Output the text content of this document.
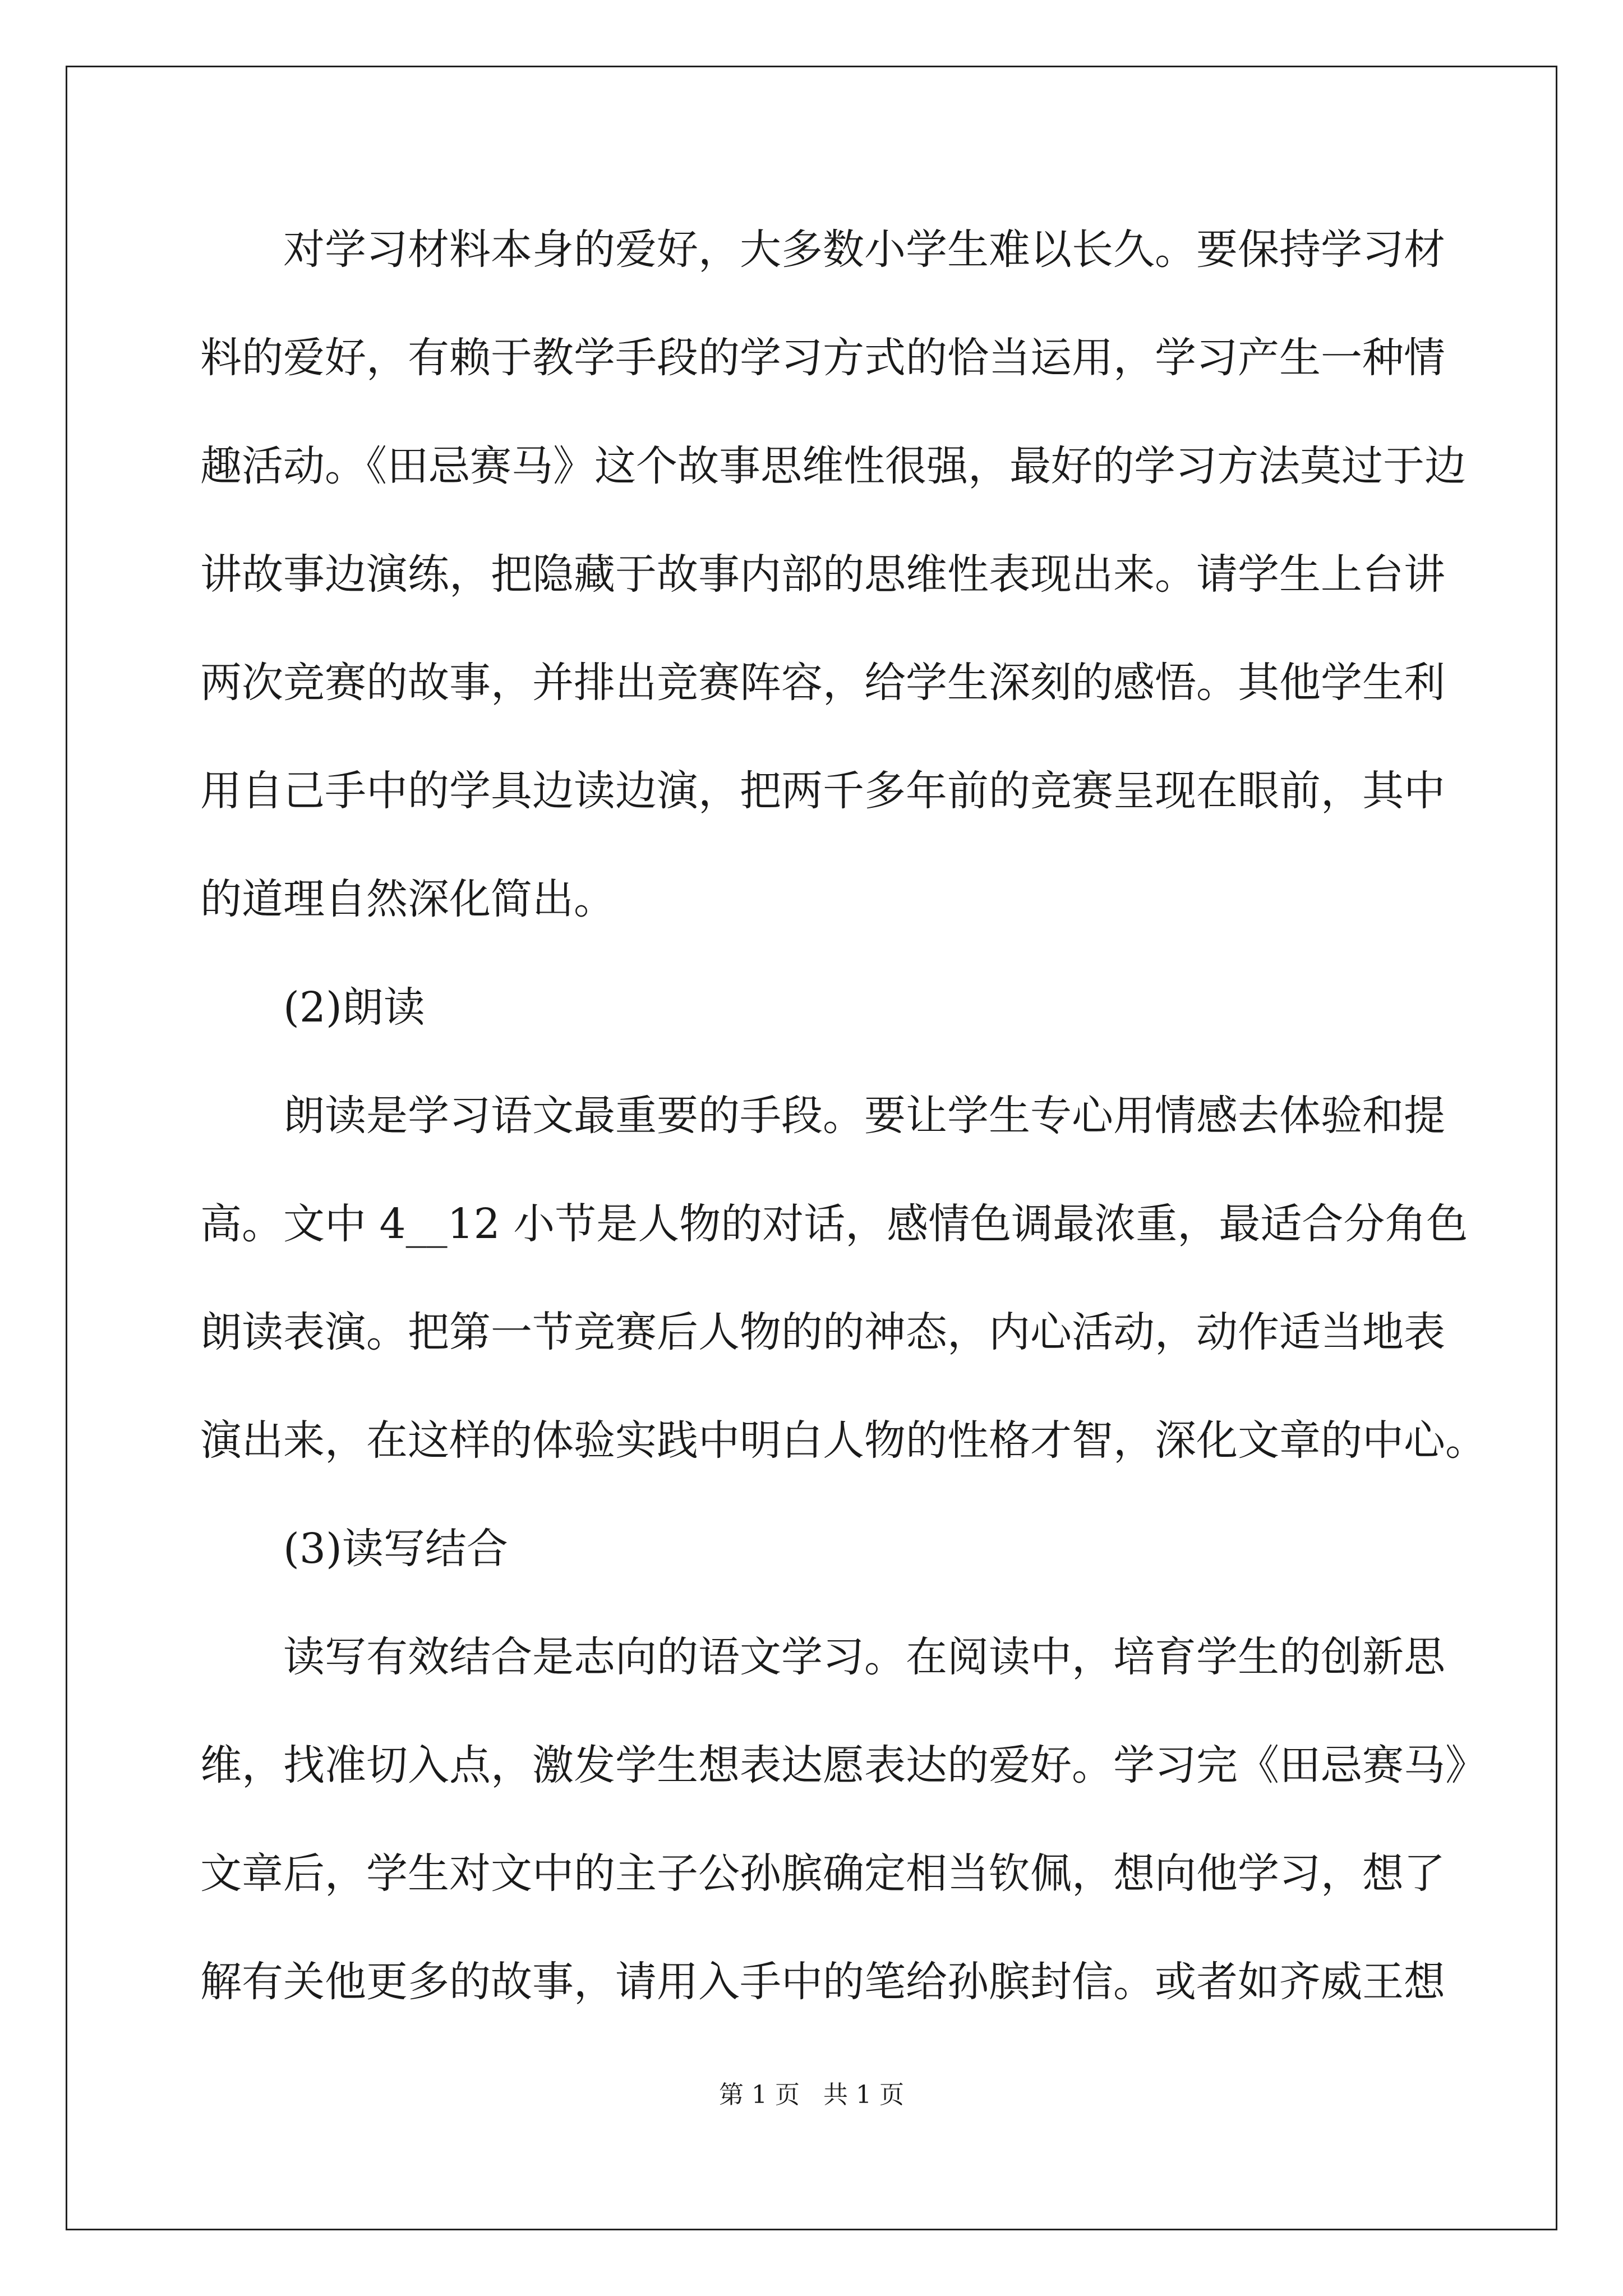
对学习材料本身的爱好，大多数小学生难以长久。要保持学习材
料的爱好，有赖于教学手段的学习方式的恰当运用，学习产生一种情
趣活动。《田忌赛马》这个故事思维性很强，最好的学习方法莫过于边
讲故事边演练，把隐藏于故事内部的思维性表现出来。请学生上台讲
两次竞赛的故事，并排出竞赛阵容，给学生深刻的感悟。其他学生利
用自己手中的学具边读边演，把两千多年前的竞赛呈现在眼前，其中
的道理自然深化简出。
(2)朗读
朗读是学习语文最重要的手段。要让学生专心用情感去体验和提
高。文中 4__12 小节是人物的对话，感情色调最浓重，最适合分角色
朗读表演。把第一节竞赛后人物的的神态，内心活动，动作适当地表
演出来，在这样的体验实践中明白人物的性格才智，深化文章的中心。
(3)读写结合
读写有效结合是志向的语文学习。在阅读中，培育学生的创新思
维，找准切入点，激发学生想表达愿表达的爱好。学习完《田忌赛马》
文章后，学生对文中的主子公孙膑确定相当钦佩，想向他学习，想了
解有关他更多的故事，请用入手中的笔给孙膑封信。或者如齐威王想
第 1 页   共 1 页
